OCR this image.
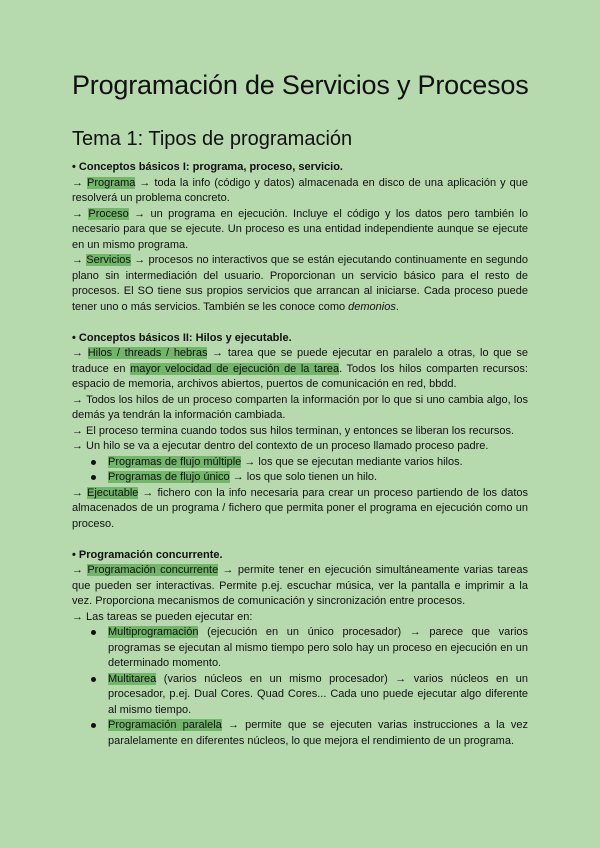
Programación de Servicios y Procesos
Tema 1: Tipos de programación

• Conceptos básicos I: programa, proceso, servicio.

→ Programa → toda la info (código y datos) almacenada en disco de una aplicación y que resolverá un problema concreto.

→ Proceso → un programa en ejecución. Incluye el código y los datos pero también lo necesario para que se ejecute. Un proceso es una entidad independiente aunque se ejecute en un mismo programa.

→ Servicios → procesos no interactivos que se están ejecutando continuamente en segundo plano sin intermediación del usuario. Proporcionan un servicio básico para el resto de procesos. El SO tiene sus propios servicios que arrancan al iniciarse. Cada proceso puede tener uno o más servicios. También se les conoce como demonios.

• Conceptos básicos II: Hilos y ejecutable.

→ Hilos / threads / hebras → tarea que se puede ejecutar en paralelo a otras, lo que se traduce en mayor velocidad de ejecución de la tarea. Todos los hilos comparten recursos: espacio de memoria, archivos abiertos, puertos de comunicación en red, bbdd.

→ Todos los hilos de un proceso comparten la información por lo que si uno cambia algo, los demás ya tendrán la información cambiada.

→ El proceso termina cuando todos sus hilos terminan, y entonces se liberan los recursos.

→ Un hilo se va a ejecutar dentro del contexto de un proceso llamado proceso padre.

Programas de flujo múltiple → los que se ejecutan mediante varios hilos.
Programas de flujo único → los que solo tienen un hilo.

→ Ejecutable → fichero con la info necesaria para crear un proceso partiendo de los datos almacenados de un programa / fichero que permita poner el programa en ejecución como un proceso.

• Programación concurrente.

→ Programación concurrente → permite tener en ejecución simultáneamente varias tareas que pueden ser interactivas. Permite p.ej. escuchar música, ver la pantalla e imprimir a la vez. Proporciona mecanismos de comunicación y sincronización entre procesos.

→ Las tareas se pueden ejecutar en:

Multiprogramación (ejecución en un único procesador) → parece que varios programas se ejecutan al mismo tiempo pero solo hay un proceso en ejecución en un determinado momento.
Multitarea (varios núcleos en un mismo procesador) → varios núcleos en un procesador, p.ej. Dual Cores. Quad Cores... Cada uno puede ejecutar algo diferente al mismo tiempo.
Programación paralela → permite que se ejecuten varias instrucciones a la vez paralelamente en diferentes núcleos, lo que mejora el rendimiento de un programa.
